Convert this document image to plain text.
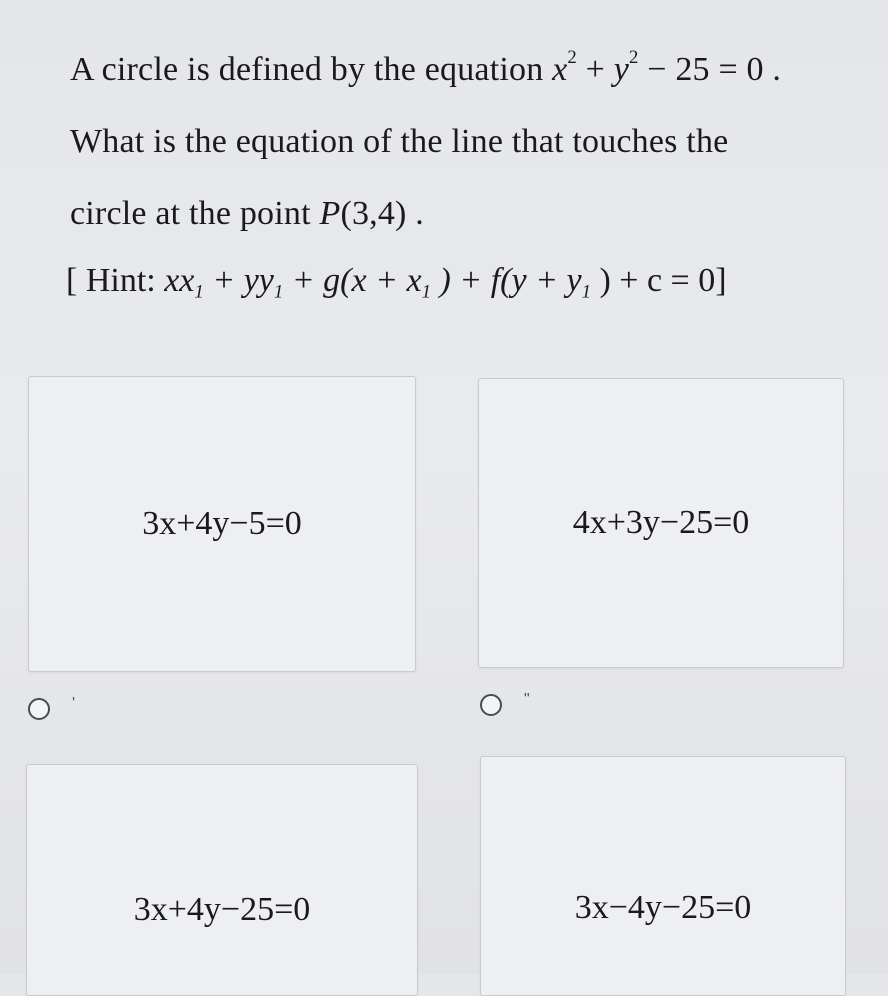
A circle is defined by the equation $x^2 + y^2 - 25 = 0$ .
What is the equation of the line that touches the
circle at the point P(3,4) .
[ Hint: $xx_1 + yy_1 + g(x + x_1$ ) + $f(y + y_1$ ) + c = 0]
3x+4y−5=0	4x+3y−25=0
'	"
3x+4y−25=0	3x−4y−25=0
